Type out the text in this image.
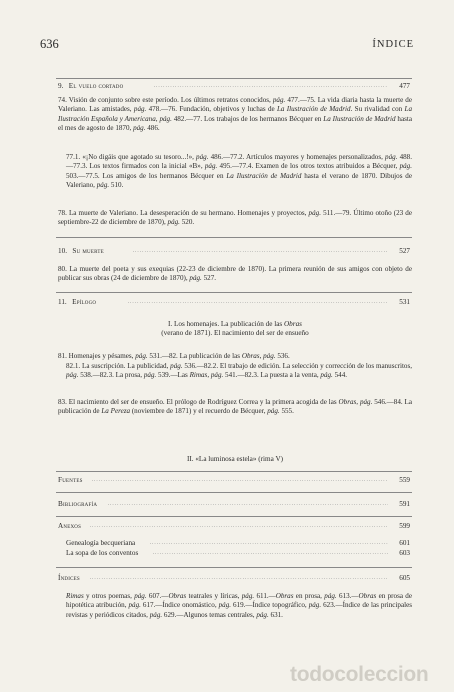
636	ÍNDICE
9. El vuelo cortado	477
74. Visión de conjunto sobre este período. Los últimos retratos conocidos, pág. 477.—75. La vida diaria hasta la muerte de Valeriano. Las amistades, pág. 478.—76. Fundación, objetivos y luchas de La Ilustración de Madrid. Su rivalidad con La Ilustración Española y Americana, pág. 482.—77. Los trabajos de los hermanos Bécquer en La Ilustración de Madrid hasta el mes de agosto de 1870, pág. 486.
77.1. «¡No digáis que agotado su tesoro...!», pág. 486.—77.2. Artículos mayores y homenajes personalizados, pág. 488.—77.3. Los textos firmados con la inicial «B», pág. 495.—77.4. Examen de los otros textos atribuidos a Bécquer, pág. 503.—77.5. Los amigos de los hermanos Bécquer en La Ilustración de Madrid hasta el verano de 1870. Dibujos de Valeriano, pág. 510.
78. La muerte de Valeriano. La desesperación de su hermano. Homenajes y proyectos, pág. 511.—79. Último otoño (23 de septiembre-22 de diciembre de 1870), pág. 520.
10. Su muerte	527
80. La muerte del poeta y sus exequias (22-23 de diciembre de 1870). La primera reunión de sus amigos con objeto de publicar sus obras (24 de diciembre de 1870), pág. 527.
11. Epílogo	531
I. Los homenajes. La publicación de las Obras
(verano de 1871). El nacimiento del ser de ensueño
81. Homenajes y pésames, pág. 531.—82. La publicación de las Obras, pág. 536.
82.1. La suscripción. La publicidad, pág. 536.—82.2. El trabajo de edición. La selección y corrección de los manuscritos, pág. 538.—82.3. La prosa, pág. 539.—Las Rimas, pág. 541.—82.3. La puesta a la venta, pág. 544.
83. El nacimiento del ser de ensueño. El prólogo de Rodríguez Correa y la primera acogida de las Obras, pág. 546.—84. La publicación de La Pereza (noviembre de 1871) y el recuerdo de Bécquer, pág. 555.
II. «La luminosa estela» (rima V)
Fuentes	559
Bibliografía	591
Anexos	599
Genealogía becqueriana	601
La sopa de los conventos	603
Índices	605
Rimas y otros poemas, pág. 607.—Obras teatrales y líricas, pág. 611.—Obras en prosa, pág. 613.—Obras en prosa de hipotética atribución, pág. 617.—Índice onomástico, pág. 619.—Índice topográfico, pág. 623.—Índice de las principales revistas y periódicos citados, pág. 629.—Algunos temas centrales, pág. 631.
todocoleccion
